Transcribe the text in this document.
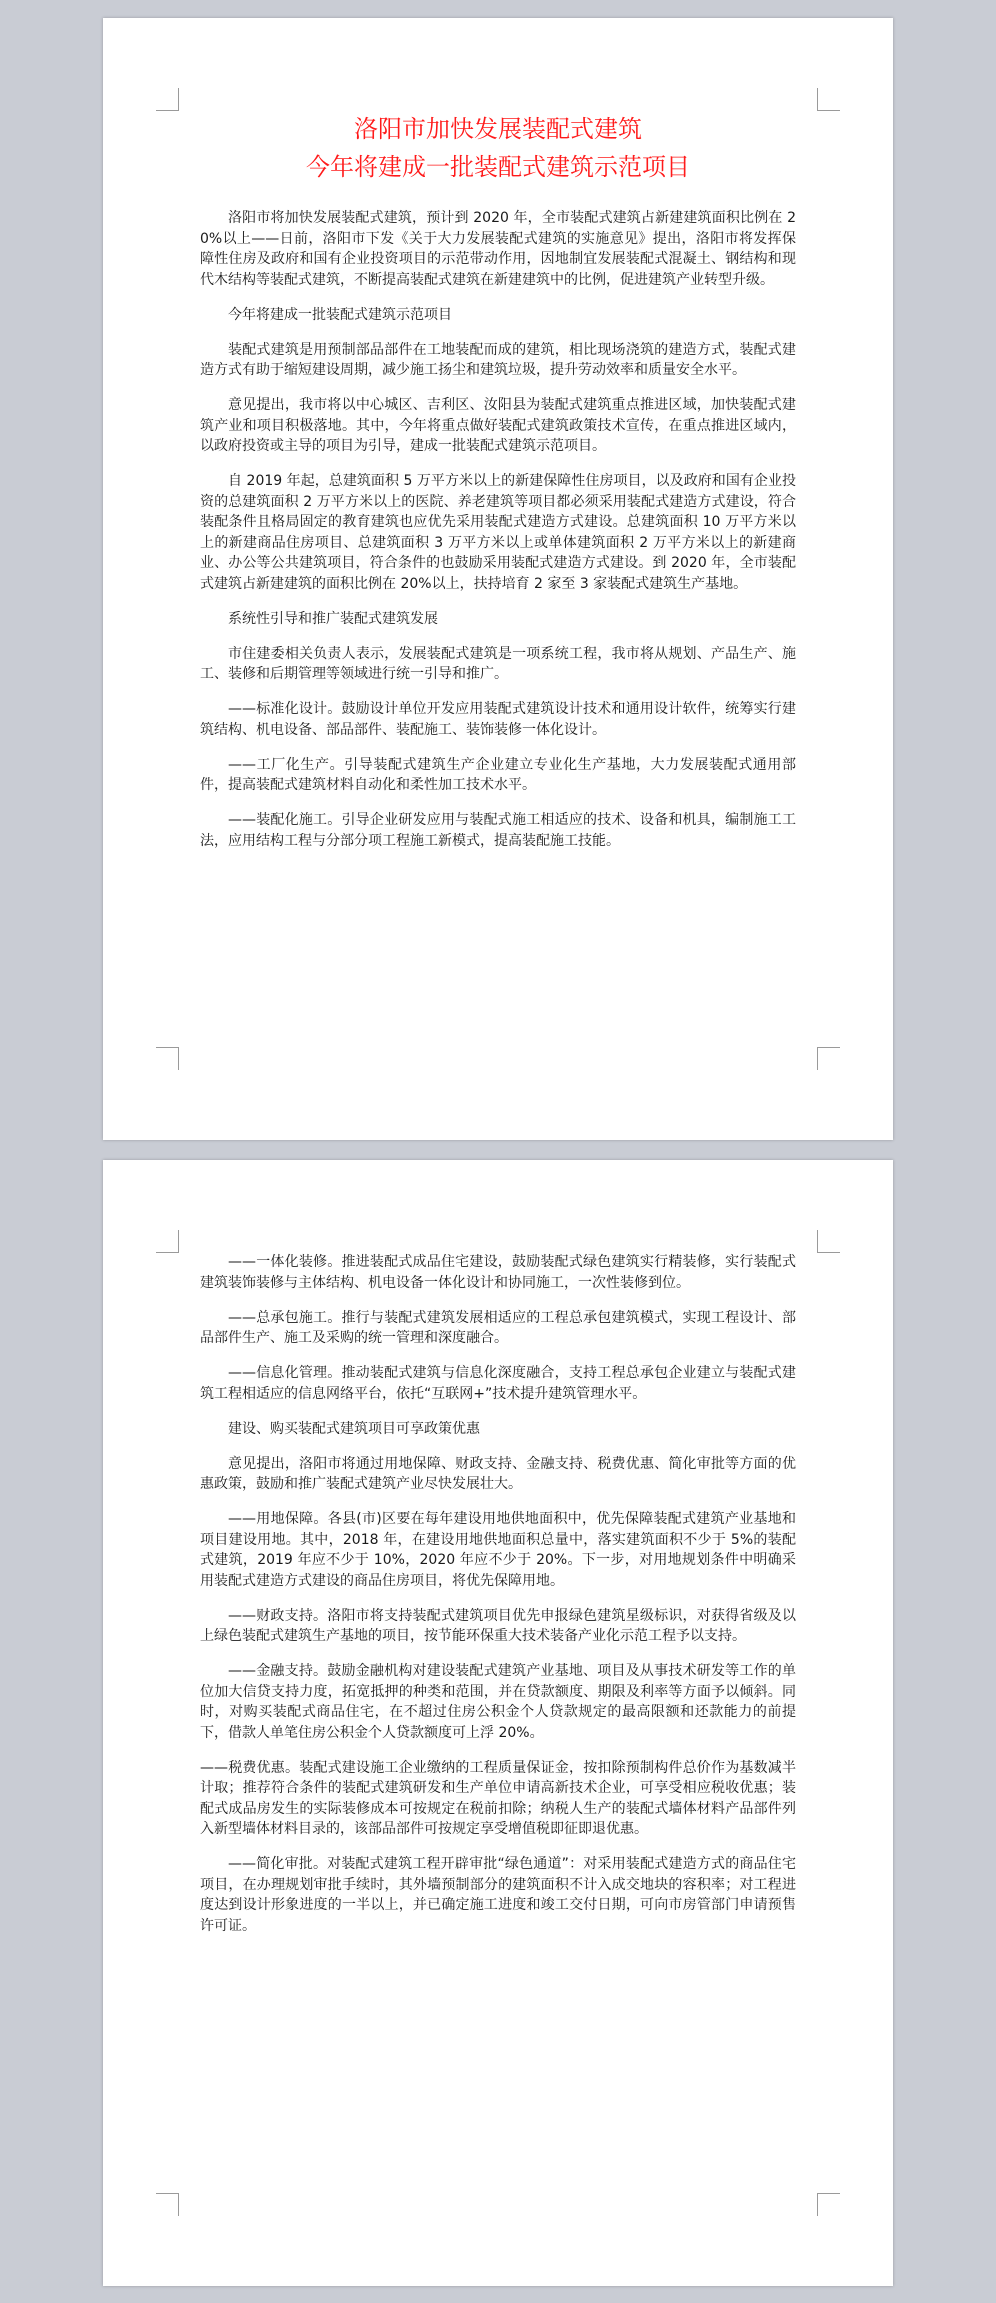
洛阳市加快发展装配式建筑
今年将建成一批装配式建筑示范项目

洛阳市将加快发展装配式建筑，预计到 2020 年，全市装配式建筑占新建建筑面积比例在 20%以上——日前，洛阳市下发《关于大力发展装配式建筑的实施意见》提出，洛阳市将发挥保障性住房及政府和国有企业投资项目的示范带动作用，因地制宜发展装配式混凝土、钢结构和现代木结构等装配式建筑，不断提高装配式建筑在新建建筑中的比例，促进建筑产业转型升级。

今年将建成一批装配式建筑示范项目

装配式建筑是用预制部品部件在工地装配而成的建筑，相比现场浇筑的建造方式，装配式建造方式有助于缩短建设周期，减少施工扬尘和建筑垃圾，提升劳动效率和质量安全水平。

意见提出，我市将以中心城区、吉利区、汝阳县为装配式建筑重点推进区域，加快装配式建筑产业和项目积极落地。其中，今年将重点做好装配式建筑政策技术宣传，在重点推进区域内，以政府投资或主导的项目为引导，建成一批装配式建筑示范项目。

自 2019 年起，总建筑面积 5 万平方米以上的新建保障性住房项目，以及政府和国有企业投资的总建筑面积 2 万平方米以上的医院、养老建筑等项目都必须采用装配式建造方式建设，符合装配条件且格局固定的教育建筑也应优先采用装配式建造方式建设。总建筑面积 10 万平方米以上的新建商品住房项目、总建筑面积 3 万平方米以上或单体建筑面积 2 万平方米以上的新建商业、办公等公共建筑项目，符合条件的也鼓励采用装配式建造方式建设。到 2020 年，全市装配式建筑占新建建筑的面积比例在 20%以上，扶持培育 2 家至 3 家装配式建筑生产基地。

系统性引导和推广装配式建筑发展

市住建委相关负责人表示，发展装配式建筑是一项系统工程，我市将从规划、产品生产、施工、装修和后期管理等领域进行统一引导和推广。

——标准化设计。鼓励设计单位开发应用装配式建筑设计技术和通用设计软件，统筹实行建筑结构、机电设备、部品部件、装配施工、装饰装修一体化设计。

——工厂化生产。引导装配式建筑生产企业建立专业化生产基地，大力发展装配式通用部件，提高装配式建筑材料自动化和柔性加工技术水平。

——装配化施工。引导企业研发应用与装配式施工相适应的技术、设备和机具，编制施工工法，应用结构工程与分部分项工程施工新模式，提高装配施工技能。

——一体化装修。推进装配式成品住宅建设，鼓励装配式绿色建筑实行精装修，实行装配式建筑装饰装修与主体结构、机电设备一体化设计和协同施工，一次性装修到位。

——总承包施工。推行与装配式建筑发展相适应的工程总承包建筑模式，实现工程设计、部品部件生产、施工及采购的统一管理和深度融合。

——信息化管理。推动装配式建筑与信息化深度融合，支持工程总承包企业建立与装配式建筑工程相适应的信息网络平台，依托“互联网+”技术提升建筑管理水平。

建设、购买装配式建筑项目可享政策优惠

意见提出，洛阳市将通过用地保障、财政支持、金融支持、税费优惠、简化审批等方面的优惠政策，鼓励和推广装配式建筑产业尽快发展壮大。

——用地保障。各县(市)区要在每年建设用地供地面积中，优先保障装配式建筑产业基地和项目建设用地。其中，2018 年，在建设用地供地面积总量中，落实建筑面积不少于 5%的装配式建筑，2019 年应不少于 10%，2020 年应不少于 20%。下一步，对用地规划条件中明确采用装配式建造方式建设的商品住房项目，将优先保障用地。

——财政支持。洛阳市将支持装配式建筑项目优先申报绿色建筑星级标识，对获得省级及以上绿色装配式建筑生产基地的项目，按节能环保重大技术装备产业化示范工程予以支持。

——金融支持。鼓励金融机构对建设装配式建筑产业基地、项目及从事技术研发等工作的单位加大信贷支持力度，拓宽抵押的种类和范围，并在贷款额度、期限及利率等方面予以倾斜。同时，对购买装配式商品住宅，在不超过住房公积金个人贷款规定的最高限额和还款能力的前提下，借款人单笔住房公积金个人贷款额度可上浮 20%。

——税费优惠。装配式建设施工企业缴纳的工程质量保证金，按扣除预制构件总价作为基数减半计取；推荐符合条件的装配式建筑研发和生产单位申请高新技术企业，可享受相应税收优惠；装配式成品房发生的实际装修成本可按规定在税前扣除；纳税人生产的装配式墙体材料产品部件列入新型墙体材料目录的，该部品部件可按规定享受增值税即征即退优惠。

——简化审批。对装配式建筑工程开辟审批“绿色通道”：对采用装配式建造方式的商品住宅项目，在办理规划审批手续时，其外墙预制部分的建筑面积不计入成交地块的容积率；对工程进度达到设计形象进度的一半以上，并已确定施工进度和竣工交付日期，可向市房管部门申请预售许可证。
